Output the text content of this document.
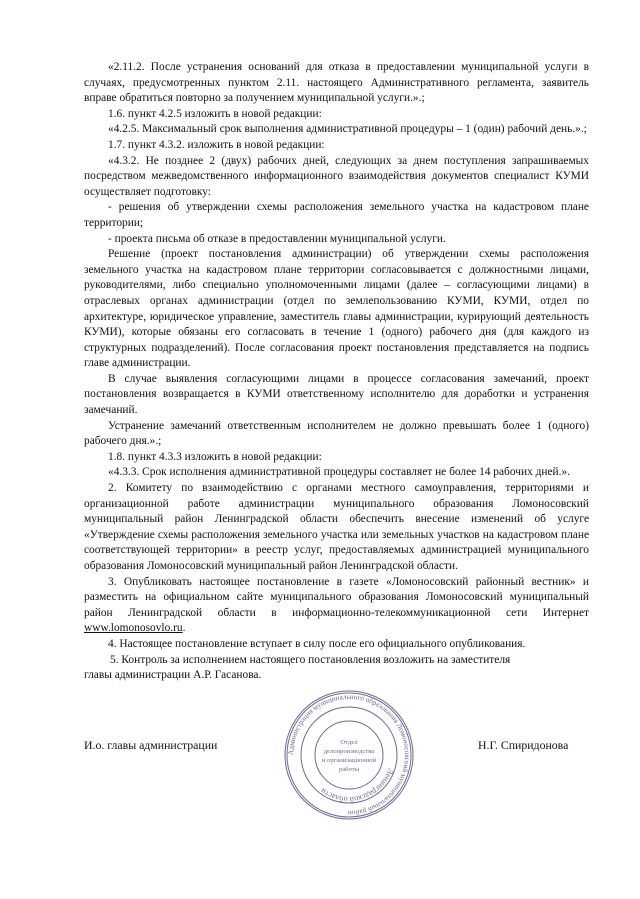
«2.11.2. После устранения оснований для отказа в предоставлении муниципальной услуги в случаях, предусмотренных пунктом 2.11. настоящего Административного регламента, заявитель вправе обратиться повторно за получением муниципальной услуги.».;

1.6. пункт 4.2.5 изложить в новой редакции:

«4.2.5. Максимальный срок выполнения административной процедуры – 1 (один) рабочий день.».;

1.7. пункт 4.3.2. изложить в новой редакции:

«4.3.2. Не позднее 2 (двух) рабочих дней, следующих за днем поступления запрашиваемых посредством межведомственного информационного взаимодействия документов специалист КУМИ осуществляет подготовку:

- решения об утверждении схемы расположения земельного участка на кадастровом плане территории;

- проекта письма об отказе в предоставлении муниципальной услуги.

Решение (проект постановления администрации) об утверждении схемы расположения земельного участка на кадастровом плане территории согласовывается с должностными лицами, руководителями, либо специально уполномоченными лицами (далее – согласующими лицами) в отраслевых органах администрации (отдел по землепользованию КУМИ, КУМИ, отдел по архитектуре, юридическое управление, заместитель главы администрации, курирующий деятельность КУМИ), которые обязаны его согласовать в течение 1 (одного) рабочего дня (для каждого из структурных подразделений). После согласования проект постановления представляется на подпись главе администрации.

В случае выявления согласующими лицами в процессе согласования замечаний, проект постановления возвращается в КУМИ ответственному исполнителю для доработки и устранения замечаний.

Устранение замечаний ответственным исполнителем не должно превышать более 1 (одного) рабочего дня.».;

1.8. пункт 4.3.3 изложить в новой редакции:

«4.3.3. Срок исполнения административной процедуры составляет не более 14 рабочих дней.».

2. Комитету по взаимодействию с органами местного самоуправления, территориями и организационной работе администрации муниципального образования Ломоносовский муниципальный район Ленинградской области обеспечить внесение изменений об услуге «Утверждение схемы расположения земельного участка или земельных участков на кадастровом плане соответствующей территории» в реестр услуг, предоставляемых администрацией муниципального образования Ломоносовский муниципальный район Ленинградской области.

3. Опубликовать настоящее постановление в газете «Ломоносовский районный вестник» и разместить на официальном сайте муниципального образования Ломоносовский муниципальный район Ленинградской области в информационно-телекоммуникационной сети Интернет www.lomonosovlo.ru.

4. Настоящее постановление вступает в силу после его официального опубликования.

5. Контроль за исполнением настоящего постановления возложить на заместителя

главы администрации А.Р. Гасанова.

И.о. главы администрации	Н.Г. Спиридонова
Администрация муниципального образования Ломоносовский муниципальный район
Ленинградской области
Отдел
делопроизводства
и организационной
работы
